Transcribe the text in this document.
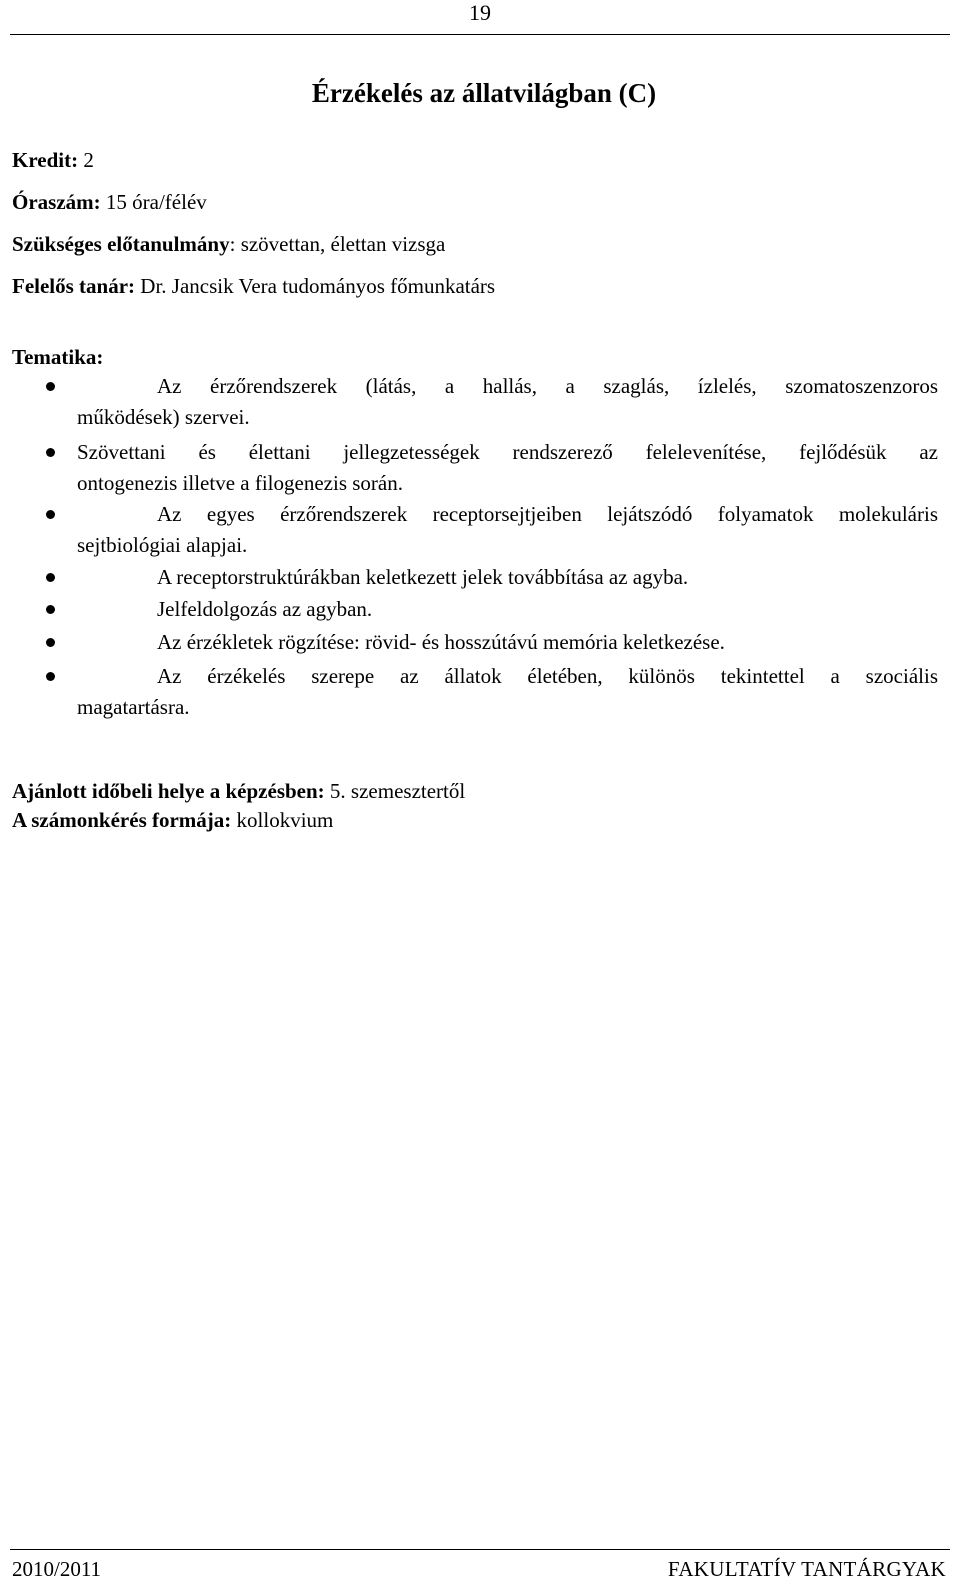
19
Érzékelés az állatvilágban (C)
Kredit: 2
Óraszám: 15 óra/félév
Szükséges előtanulmány: szövettan, élettan vizsga
Felelős tanár: Dr. Jancsik Vera tudományos főmunkatárs
Tematika:
Az érzőrendszerek (látás, a hallás, a szaglás, ízlelés, szomatoszenzoros
működések) szervei.
Szövettani és élettani jellegzetességek rendszerező felelevenítése, fejlődésük az
ontogenezis illetve a filogenezis során.
Az egyes érzőrendszerek receptorsejtjeiben lejátszódó folyamatok molekuláris
sejtbiológiai alapjai.
A receptorstruktúrákban keletkezett jelek továbbítása az agyba.
Jelfeldolgozás az agyban.
Az érzékletek rögzítése: rövid- és hosszútávú memória keletkezése.
Az érzékelés szerepe az állatok életében, különös tekintettel a szociális
magatartásra.
Ajánlott időbeli helye a képzésben: 5. szemesztertől
A számonkérés formája: kollokvium
2010/2011	FAKULTATÍV TANTÁRGYAK
